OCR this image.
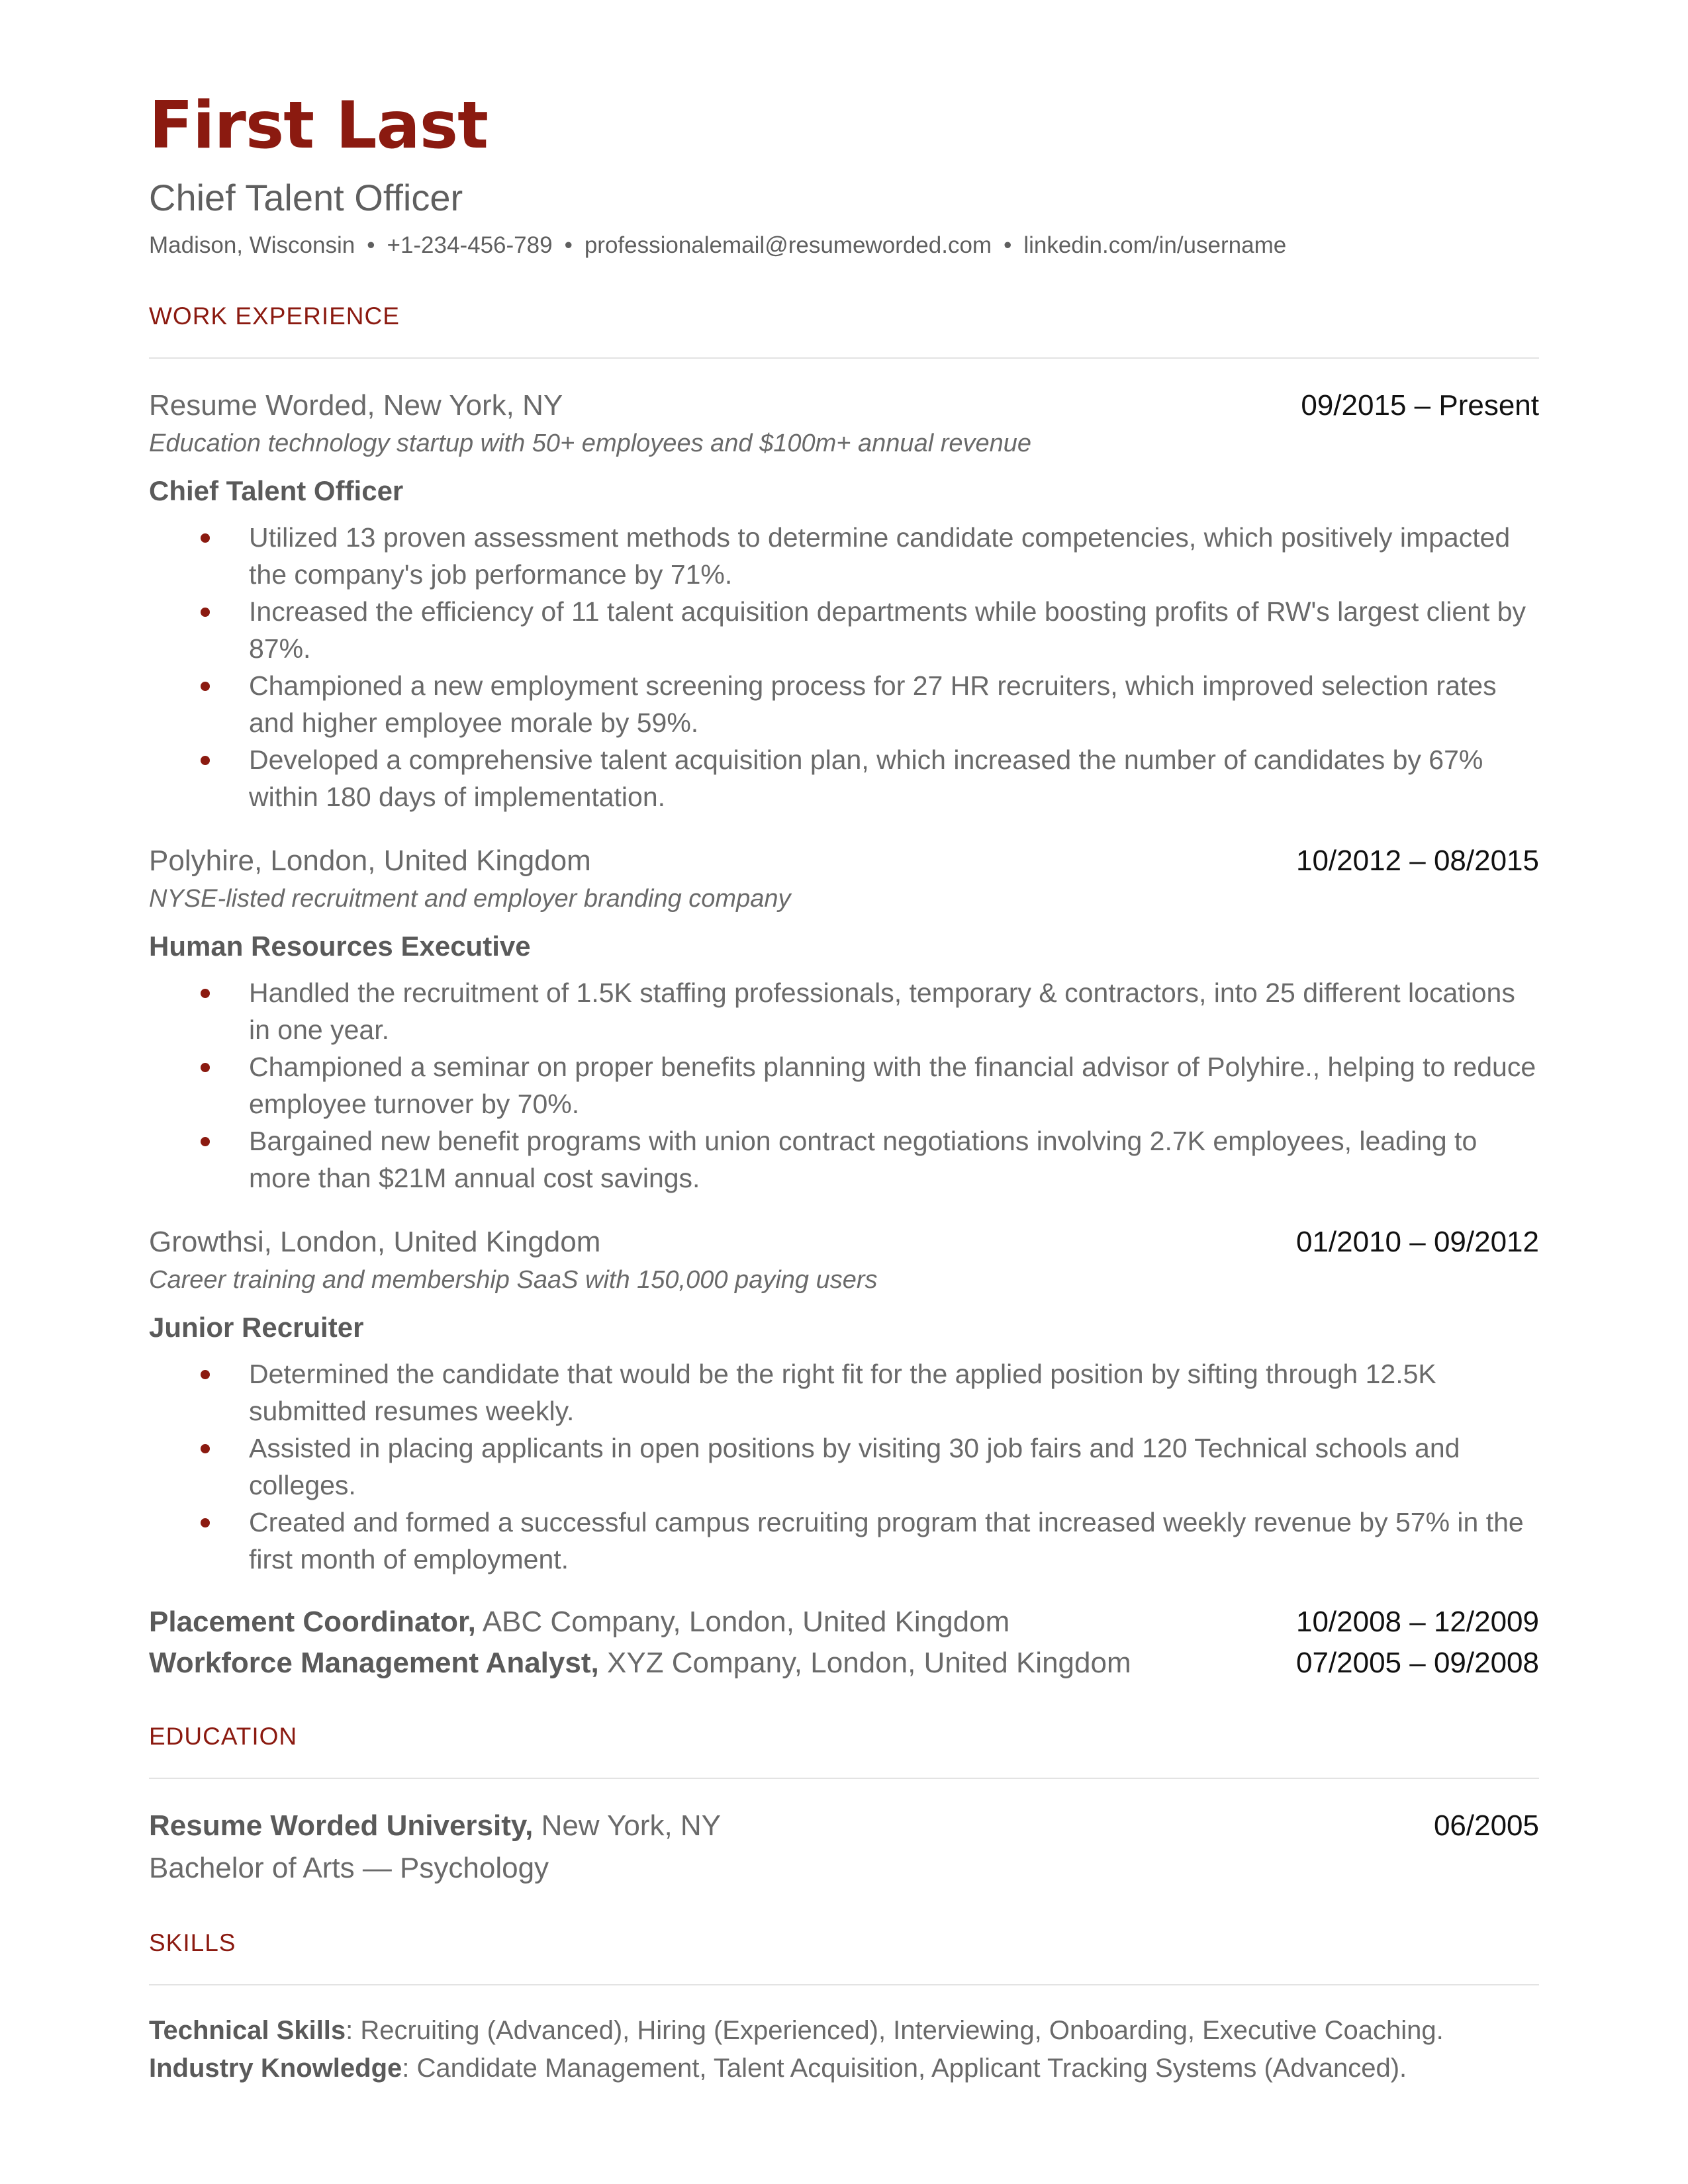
First Last
Chief Talent Officer
Madison, Wisconsin • +1-234-456-789 • professionalemail@resumeworded.com • linkedin.com/in/username
WORK EXPERIENCE
Resume Worded, New York, NY	09/2015 – Present
Education technology startup with 50+ employees and $100m+ annual revenue
Chief Talent Officer
Utilized 13 proven assessment methods to determine candidate competencies, which positively impacted the company's job performance by 71%.
Increased the efficiency of 11 talent acquisition departments while boosting profits of RW's largest client by 87%.
Championed a new employment screening process for 27 HR recruiters, which improved selection rates and higher employee morale by 59%.
Developed a comprehensive talent acquisition plan, which increased the number of candidates by 67% within 180 days of implementation.
Polyhire, London, United Kingdom	10/2012 – 08/2015
NYSE-listed recruitment and employer branding company
Human Resources Executive
Handled the recruitment of 1.5K staffing professionals, temporary & contractors, into 25 different locations in one year.
Championed a seminar on proper benefits planning with the financial advisor of Polyhire., helping to reduce employee turnover by 70%.
Bargained new benefit programs with union contract negotiations involving 2.7K employees, leading to more than $21M annual cost savings.
Growthsi, London, United Kingdom	01/2010 – 09/2012
Career training and membership SaaS with 150,000 paying users
Junior Recruiter
Determined the candidate that would be the right fit for the applied position by sifting through 12.5K submitted resumes weekly.
Assisted in placing applicants in open positions by visiting 30 job fairs and 120 Technical schools and colleges.
Created and formed a successful campus recruiting program that increased weekly revenue by 57% in the first month of employment.
Placement Coordinator, ABC Company, London, United Kingdom	10/2008 – 12/2009
Workforce Management Analyst, XYZ Company, London, United Kingdom	07/2005 – 09/2008
EDUCATION
Resume Worded University, New York, NY	06/2005
Bachelor of Arts — Psychology
SKILLS

Technical Skills: Recruiting (Advanced), Hiring (Experienced), Interviewing, Onboarding, Executive Coaching.

Industry Knowledge: Candidate Management, Talent Acquisition, Applicant Tracking Systems (Advanced).
